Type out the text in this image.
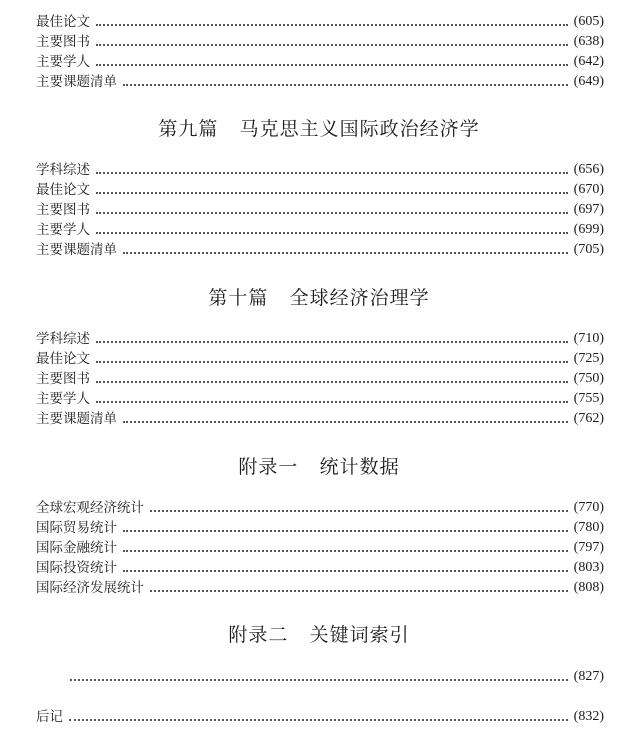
最佳论文	(605)
主要图书	(638)
主要学人	(642)
主要课题清单	(649)
第九篇 马克思主义国际政治经济学
学科综述	(656)
最佳论文	(670)
主要图书	(697)
主要学人	(699)
主要课题清单	(705)
第十篇 全球经济治理学
学科综述	(710)
最佳论文	(725)
主要图书	(750)
主要学人	(755)
主要课题清单	(762)
附录一 统计数据
全球宏观经济统计	(770)
国际贸易统计	(780)
国际金融统计	(797)
国际投资统计	(803)
国际经济发展统计	(808)
附录二 关键词索引
(827)
后记	(832)
